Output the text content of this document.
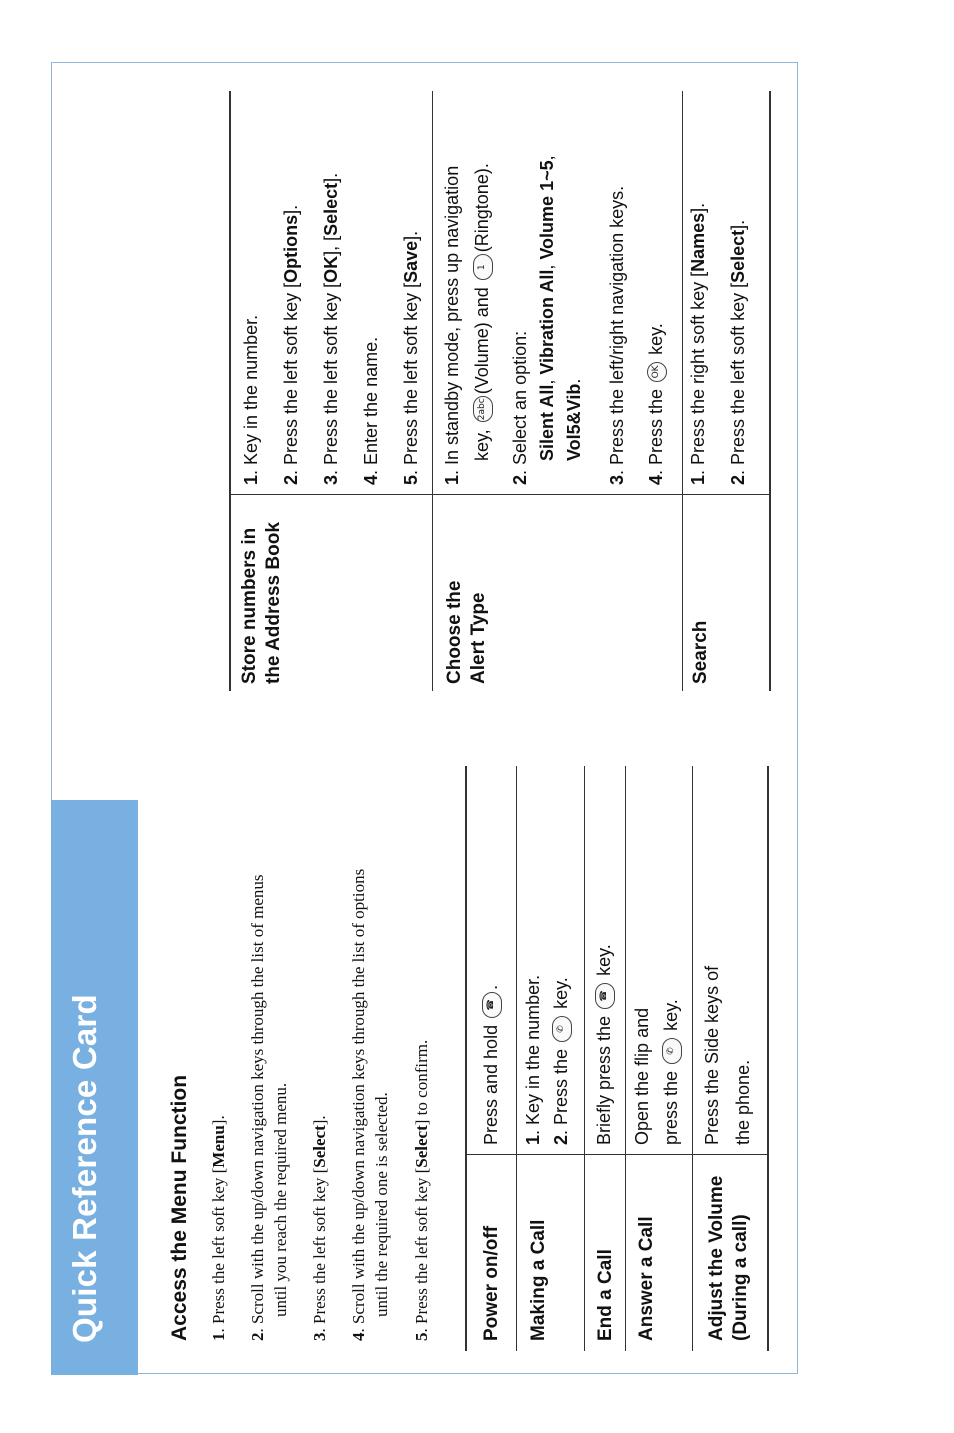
Quick Reference Card	Access the Menu Function 1. Press the left soft key [Menu].
2. Scroll with the up/down navigation keys through the list of menus until you reach the required menu.
3. Press the left soft key [Select].
4. Scroll with the up/down navigation keys through the list of options until the required one is selected.
5. Press the left soft key [Select] to confirm.
Power on/off
Press and hold
☎
.
Making a Call
1. Key in the number.
2. Press the
✆
key.
End a Call
Briefly press the
☎
key.
Answer a Call
Open the flip and press the
✆
key.
Adjust the Volume (During a call)
Press the Side keys of the phone.
Store numbers in the Address Book
1. Key in the number.
2. Press the left soft key [Options].
3. Press the left soft key [OK], [Select].
4. Enter the name.
5. Press the left soft key [Save].
Choose the Alert Type
1. In standby mode, press up navigation key,
2abc
(Volume) and
1
(Ringtone).
2. Select an option: Silent All, Vibration All, Volume 1~5,
Vol5&Vib.
3. Press the left/right navigation keys.
4. Press the
OK
key.
Search
1. Press the right soft key [Names].
2. Press the left soft key [Select].
